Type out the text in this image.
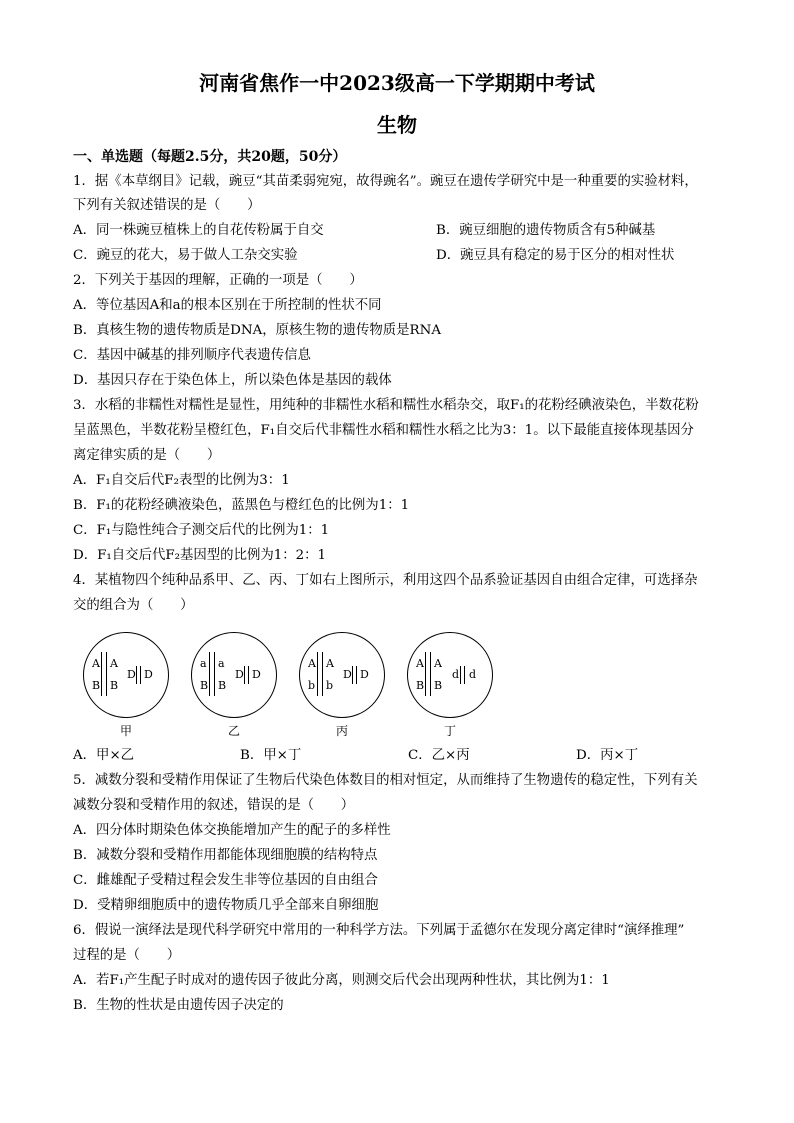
河南省焦作一中2023级高一下学期期中考试
生物
一、单选题（每题2.5分，共20题，50分）
1．据《本草纲目》记载，豌豆“其苗柔弱宛宛，故得豌名”。豌豆在遗传学研究中是一种重要的实验材料，
下列有关叙述错误的是（　　）
A．同一株豌豆植株上的自花传粉属于自交	B．豌豆细胞的遗传物质含有5种碱基
C．豌豆的花大，易于做人工杂交实验	D．豌豆具有稳定的易于区分的相对性状
2．下列关于基因的理解，正确的一项是（　　）
A．等位基因A和a的根本区别在于所控制的性状不同
B．真核生物的遗传物质是DNA，原核生物的遗传物质是RNA
C．基因中碱基的排列顺序代表遗传信息
D．基因只存在于染色体上，所以染色体是基因的载体
3．水稻的非糯性对糯性是显性，用纯种的非糯性水稻和糯性水稻杂交，取F₁的花粉经碘液染色，半数花粉
呈蓝黑色，半数花粉呈橙红色，F₁自交后代非糯性水稻和糯性水稻之比为3：1。以下最能直接体现基因分
离定律实质的是（　　）
A．F₁自交后代F₂表型的比例为3：1
B．F₁的花粉经碘液染色，蓝黑色与橙红色的比例为1：1
C．F₁与隐性纯合子测交后代的比例为1：1
D．F₁自交后代F₂基因型的比例为1：2：1
4．某植物四个纯种品系甲、乙、丙、丁如右上图所示，利用这四个品系验证基因自由组合定律，可选择杂
交的组合为（　　）
A A
B B
D D
甲
a a
B B
D D
乙
A A
b b
D D
丙
A A
B B
d d
丁
A．甲×乙	B．甲×丁	C．乙×丙	D．丙×丁
5．减数分裂和受精作用保证了生物后代染色体数目的相对恒定，从而维持了生物遗传的稳定性，下列有关
减数分裂和受精作用的叙述，错误的是（　　）
A．四分体时期染色体交换能增加产生的配子的多样性
B．减数分裂和受精作用都能体现细胞膜的结构特点
C．雌雄配子受精过程会发生非等位基因的自由组合
D．受精卵细胞质中的遗传物质几乎全部来自卵细胞
6．假说一演绎法是现代科学研究中常用的一种科学方法。下列属于孟德尔在发现分离定律时“演绎推理”
过程的是（　　）
A．若F₁产生配子时成对的遗传因子彼此分离，则测交后代会出现两种性状，其比例为1：1
B．生物的性状是由遗传因子决定的
